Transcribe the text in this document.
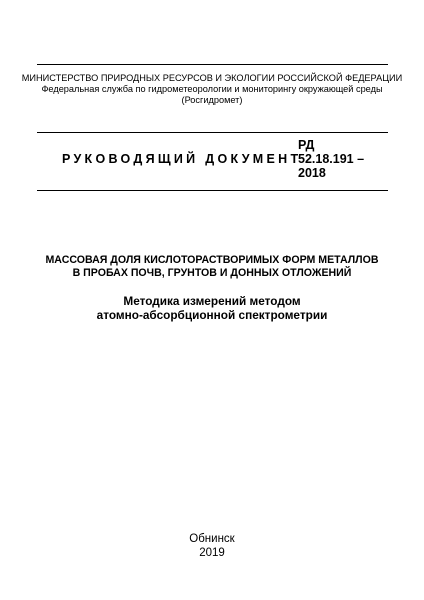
МИНИСТЕРСТВО ПРИРОДНЫХ РЕСУРСОВ И ЭКОЛОГИИ РОССИЙСКОЙ ФЕДЕРАЦИИ
Федеральная служба по гидрометеорологии и мониторингу окружающей среды
(Росгидромет)
РУКОВОДЯЩИЙ ДОКУМЕНТ
РД
52.18.191 –
2018
МАССОВАЯ ДОЛЯ КИСЛОТОРАСТВОРИМЫХ ФОРМ МЕТАЛЛОВ
В ПРОБАХ ПОЧВ, ГРУНТОВ И ДОННЫХ ОТЛОЖЕНИЙ
Методика измерений методом
атомно-абсорбционной спектрометрии
Обнинск
2019
